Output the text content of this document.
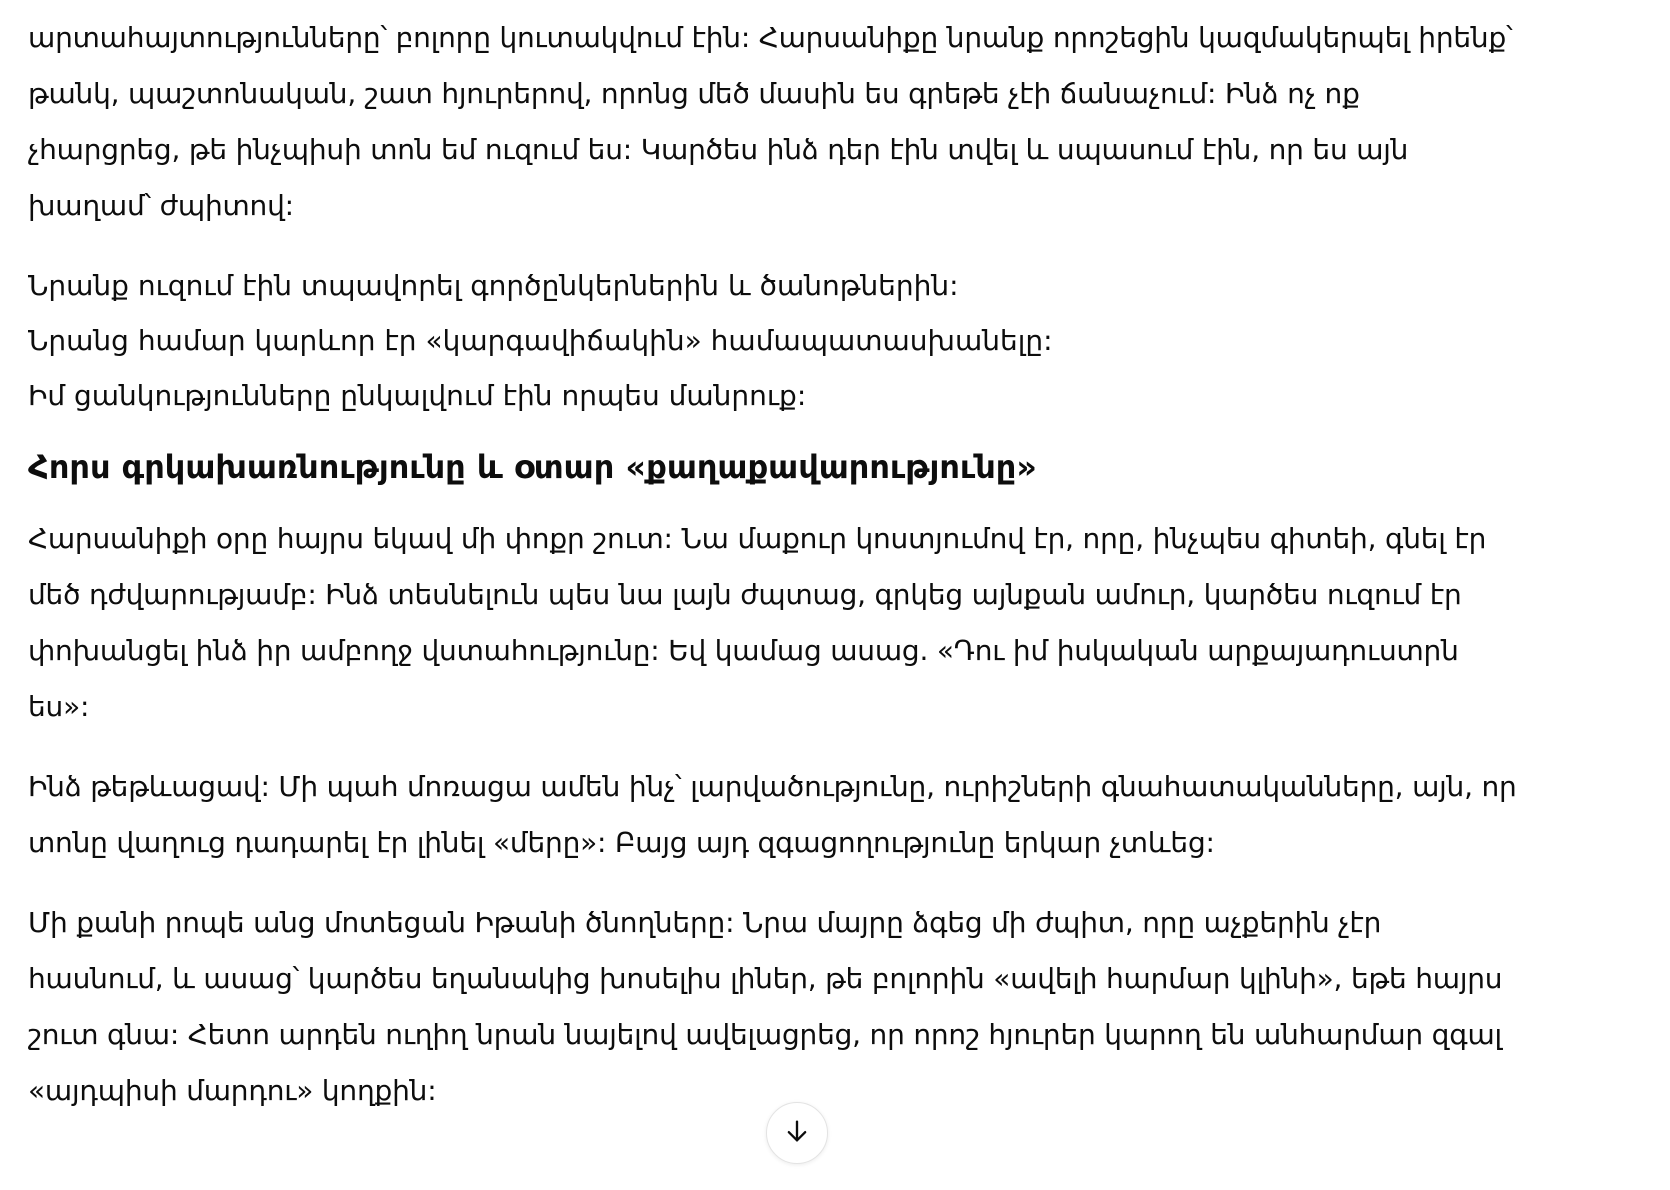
արտահայտությունները՝ բոլորը կուտակվում էին: Հարսանիքը նրանք որոշեցին կազմակերպել իրենք՝
թանկ, պաշտոնական, շատ հյուրերով, որոնց մեծ մասին ես գրեթե չէի ճանաչում: Ինձ ոչ ոք
չհարցրեց, թե ինչպիսի տոն եմ ուզում ես: Կարծես ինձ դեր էին տվել և սպասում էին, որ ես այն
խաղամ՝ ժպիտով:

Նրանք ուզում էին տպավորել գործընկերներին և ծանոթներին:
Նրանց համար կարևոր էր «կարգավիճակին» համապատասխանելը:
Իմ ցանկությունները ընկալվում էին որպես մանրուք:

Հորս գրկախառնությունը և օտար «քաղաքավարությունը»

Հարսանիքի օրը հայրս եկավ մի փոքր շուտ: Նա մաքուր կոստյումով էր, որը, ինչպես գիտեի, գնել էր
մեծ դժվարությամբ: Ինձ տեսնելուն պես նա լայն ժպտաց, գրկեց այնքան ամուր, կարծես ուզում էր
փոխանցել ինձ իր ամբողջ վստահությունը: Եվ կամաց ասաց. «Դու իմ իսկական արքայադուստրն
ես»:

Ինձ թեթևացավ: Մի պահ մոռացա ամեն ինչ՝ լարվածությունը, ուրիշների գնահատականները, այն, որ
տոնը վաղուց դադարել էր լինել «մերը»: Բայց այդ զգացողությունը երկար չտևեց:

Մի քանի րոպե անց մոտեցան Իթանի ծնողները: Նրա մայրը ձգեց մի ժպիտ, որը աչքերին չէր
հասնում, և ասաց՝ կարծես եղանակից խոսելիս լիներ, թե բոլորին «ավելի հարմար կլինի», եթե հայրս
շուտ գնա: Հետո արդեն ուղիղ նրան նայելով ավելացրեց, որ որոշ հյուրեր կարող են անհարմար զգալ
«այդպիսի մարդու» կողքին:
